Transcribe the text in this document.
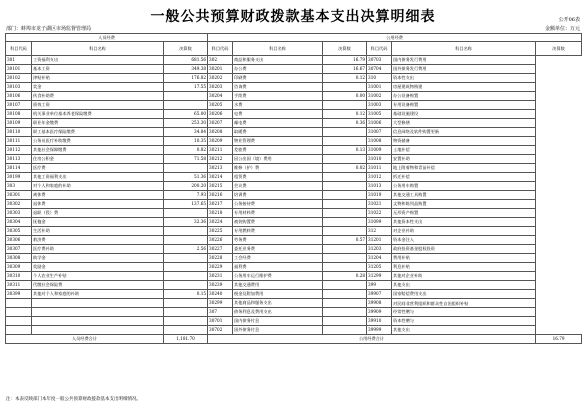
一般公共预算财政拨款基本支出决算明细表	公开06表
部门：蚌埠市龙子湖区市场监督管理局	金额单位：万元
人员经费			公用经费					
科目代码	科目名称	决算数	科目代码	科目名称	决算数	科目代码	科目名称	决算数
301	工资福利支出	681.56	302	商品和服务支出	16.79	30703	国内债务发行费用	
30101	基本工资	349.38	30201	办公费	16.67	30704	国外债务发行费用	
30102	津贴补贴	176.82	30202	印刷费	0.12	310	资本性支出	
30103	奖金	17.55	30203	咨询费		31001	房屋建筑物购建	
30106	伙食补助费		30204	手续费	0.00	31002	办公设备购置	
30107	绩效工资		30205	水费		31003	专用设备购置	
30108	机关事业单位基本养老保险缴费	65.00	30206	电费	0.12	31005	基础设施建设	
30109	职业年金缴费	253.30	30207	邮电费	0.36	31006	大型修缮	
30110	职工基本医疗保险缴费	34.84	30208	取暖费		31007	信息网络及软件购置更新	
30111	公务员医疗补助缴费	10.35	30209	物业管理费		31008	物资储备	
30112	其他社会保障缴费	0.82	30211	差旅费	0.13	31009	土地补偿	
30113	住房公积金	71.58	30212	因公出国（境）费用		31010	安置补助	
30114	医疗费		30213	维修（护）费	0.02	31011	地上附着物和青苗补偿	
30199	其他工资福利支出	51.36	30214	租赁费		31012	拆迁补偿	
303	对个人和家庭的补助	200.20	30215	会议费		31013	公务用车购置	
30301	离休费	7.93	30216	培训费		31019	其他交通工具购置	
30302	退休费	137.65	30217	公务接待费		31021	文物和陈列品购置	
30303	退职（役）费		30218	专用材料费		31022	无形资产购置	
30304	抚恤金	32.36	30224	被装购置费		31099	其他资本性支出	
30305	生活补助		30225	专用燃料费		312	对企业补助	
30306	救济费		30226	劳务费	0.57	31201	资本金注入	
30307	医疗费补助	2.56	30227	委托业务费		31203	政府投资基金股权投资	
30308	助学金		30228	工会经费		31204	费用补贴	
30309	奖励金		30229	福利费		31205	利息补贴	
30310	个人农业生产补贴		30231	公务用车运行维护费	0.28	31299	其他对企业补助	
30311	代缴社会保险费		30239	其他交通费用		399	其他支出	
30399	其他对个人和家庭的补助	0.15	30240	税金及附加费用		39907	国家赔偿费用支出	
			30299	其他商品和服务支出		39908	对民间非营利组织和群众性自治组织补贴	
			307	债务利息及费用支出		39909	经常性赠与	
			30701	国内债务付息		39910	资本性赠与	
			30702	国外债务付息		39999	其他支出	
人员经费合计		1,181.70	公用经费合计					16.79
注：本表反映部门本年度一般公共预算财政拨款基本支出明细情况。
